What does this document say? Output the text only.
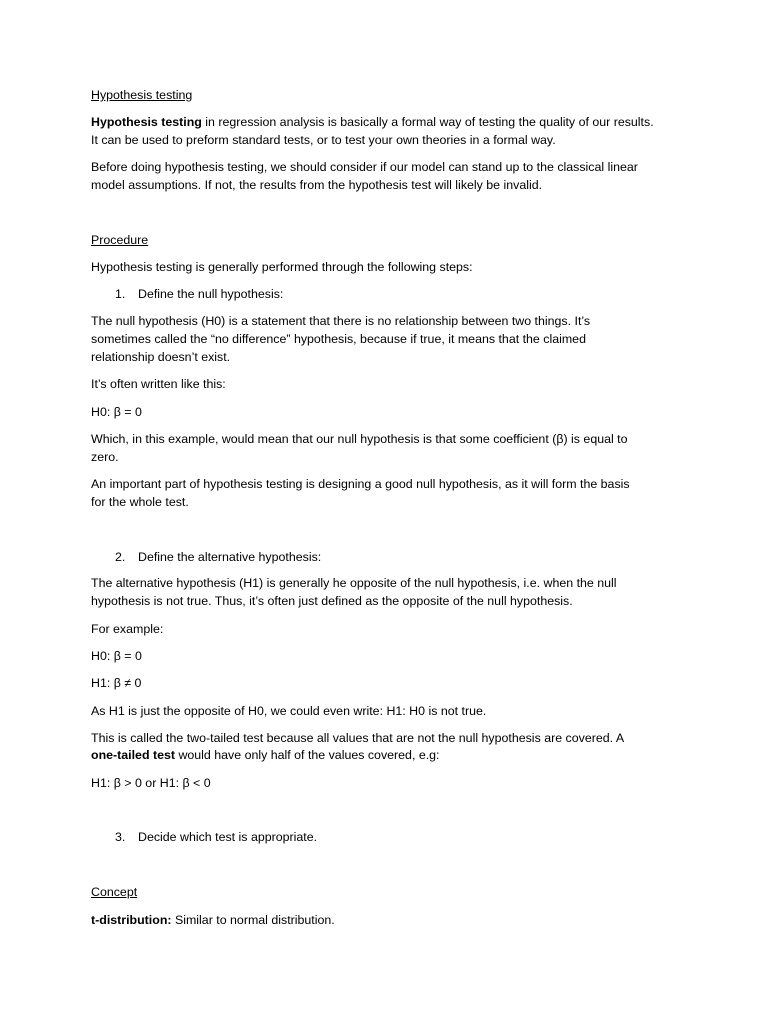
Hypothesis testing

Hypothesis testing in regression analysis is basically a formal way of testing the quality of our results.

It can be used to preform standard tests, or to test your own theories in a formal way.

Before doing hypothesis testing, we should consider if our model can stand up to the classical linear

model assumptions. If not, the results from the hypothesis test will likely be invalid.

Procedure

Hypothesis testing is generally performed through the following steps:

1. Define the null hypothesis:

The null hypothesis (H0) is a statement that there is no relationship between two things. It’s

sometimes called the “no difference” hypothesis, because if true, it means that the claimed

relationship doesn’t exist.

It’s often written like this:

H0: β = 0

Which, in this example, would mean that our null hypothesis is that some coefficient (β) is equal to

zero.

An important part of hypothesis testing is designing a good null hypothesis, as it will form the basis

for the whole test.

2. Define the alternative hypothesis:

The alternative hypothesis (H1) is generally he opposite of the null hypothesis, i.e. when the null

hypothesis is not true. Thus, it’s often just defined as the opposite of the null hypothesis.

For example:

H0: β = 0

H1: β ≠ 0

As H1 is just the opposite of H0, we could even write: H1: H0 is not true.

This is called the two-tailed test because all values that are not the null hypothesis are covered. A

one-tailed test would have only half of the values covered, e.g:

H1: β > 0 or H1: β < 0

3. Decide which test is appropriate.

Concept

t-distribution: Similar to normal distribution.
